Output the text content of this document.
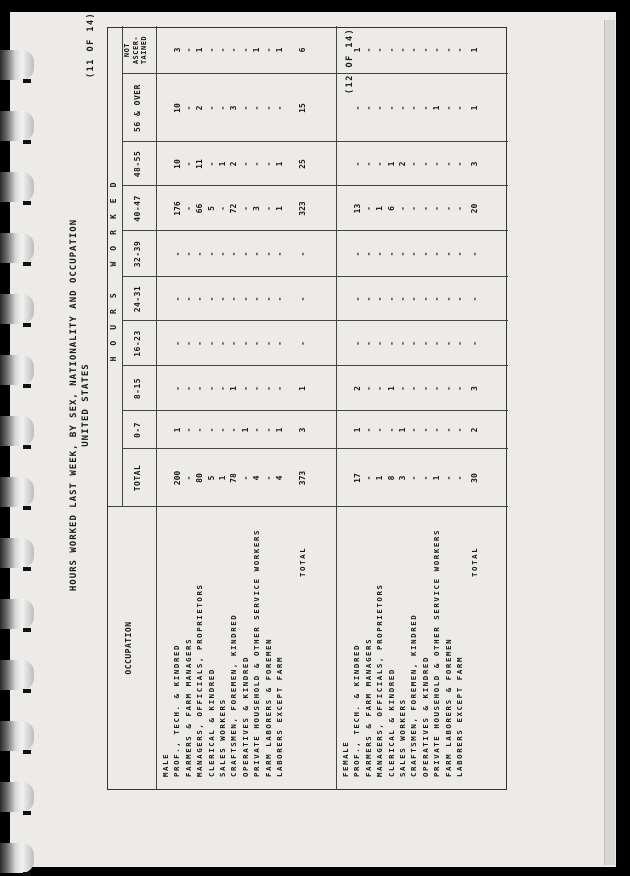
HOURS WORKED LAST WEEK, BY SEX, NATIONALITY AND OCCUPATION UNITED STATES
(11 OF 14)	(12 OF 14)
OCCUPATION
HOURS WORKED
TOTAL
0-7
8-15
16-23
24-31
32-39
40-47
48-55
56 & OVER
NOT ASCER- TAINED
MALE PROF., TECH. & KINDRED FARMERS & FARM MANAGERS MANAGERS, OFFICIALS, PROPRIETORS CLERICAL & KINDRED SALES WORKERS CRAFTSMEN, FOREMEN, KINDRED OPERATIVES & KINDRED PRIVATE HOUSEHOLD & OTHER SERVICE WORKERS FARM LABORERS & FOREMEN LABORERS EXCEPT FARM
TOTAL
200 - 80 5 1 78 - 4 - 4 373
1 - - - - - 1 - - 1 3
- - - - - 1 - - - - 1
- - - - - - - - - - -
- - - - - - - - - - -
- - - - - - - - - - -
176 - 66 5 - 72 - 3 - 1 323
10 - 11 - 1 2 - - - 1 25
10 - 2 - - 3 - - - - 15
3 - 1 - - - - 1 - 1 6
FEMALE PROF., TECH. & KINDRED FARMERS & FARM MANAGERS MANAGERS, OFFICIALS, PROPRIETORS CLERICAL & KINDRED SALES WORKERS CRAFTSMEN, FOREMEN, KINDRED OPERATIVES & KINDRED PRIVATE HOUSEHOLD & OTHER SERVICE WORKERS FARM LABORERS & FOREMEN LABORERS EXCEPT FARM
TOTAL
17 - 1 8 3 - - 1 - - 30
1 - - - 1 - - - - - 2
2 - - 1 - - - - - - 3
- - - - - - - - - - -
- - - - - - - - - - -
- - - - - - - - - - -
13 - 1 6 - - - - - - 20
- - - 1 2 - - - - - 3
- - - - - - - 1 - - 1
1 - - - - - - - - - 1
